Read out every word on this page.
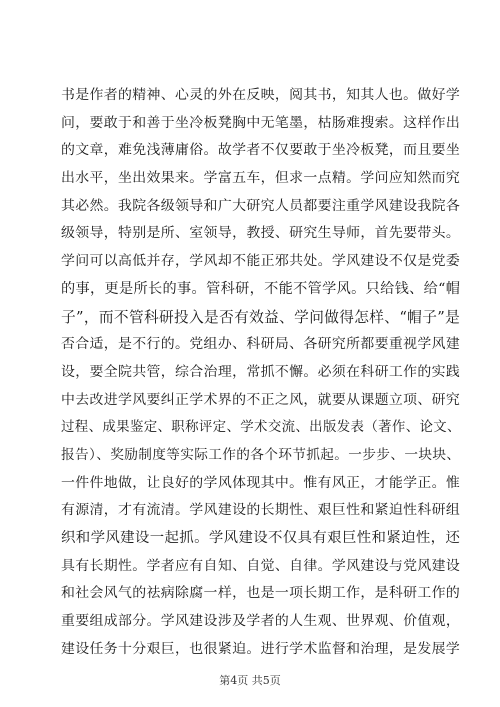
书是作者的精神、心灵的外在反映，阅其书，知其人也。做好学
问，要敢于和善于坐冷板凳胸中无笔墨，枯肠难搜索。这样作出
的文章，难免浅薄庸俗。故学者不仅要敢于坐冷板凳，而且要坐
出水平，坐出效果来。学富五车，但求一点精。学问应知然而究
其必然。我院各级领导和广大研究人员都要注重学风建设我院各
级领导，特别是所、室领导，教授、研究生导师，首先要带头。
学问可以高低并存，学风却不能正邪共处。学风建设不仅是党委
的事，更是所长的事。管科研，不能不管学风。只给钱、给“帽
子”，而不管科研投入是否有效益、学问做得怎样、“帽子”是
否合适，是不行的。党组办、科研局、各研究所都要重视学风建
设，要全院共管，综合治理，常抓不懈。必须在科研工作的实践
中去改进学风要纠正学术界的不正之风，就要从课题立项、研究
过程、成果鉴定、职称评定、学术交流、出版发表（著作、论文、
报告）、奖励制度等实际工作的各个环节抓起。一步步、一块块、
一件件地做，让良好的学风体现其中。惟有风正，才能学正。惟
有源清，才有流清。学风建设的长期性、艰巨性和紧迫性科研组
织和学风建设一起抓。学风建设不仅具有艰巨性和紧迫性，还
具有长期性。学者应有自知、自觉、自律。学风建设与党风建设
和社会风气的祛病除腐一样，也是一项长期工作，是科研工作的
重要组成部分。学风建设涉及学者的人生观、世界观、价值观，
建设任务十分艰巨，也很紧迫。进行学术监督和治理，是发展学
第4页 共5页
